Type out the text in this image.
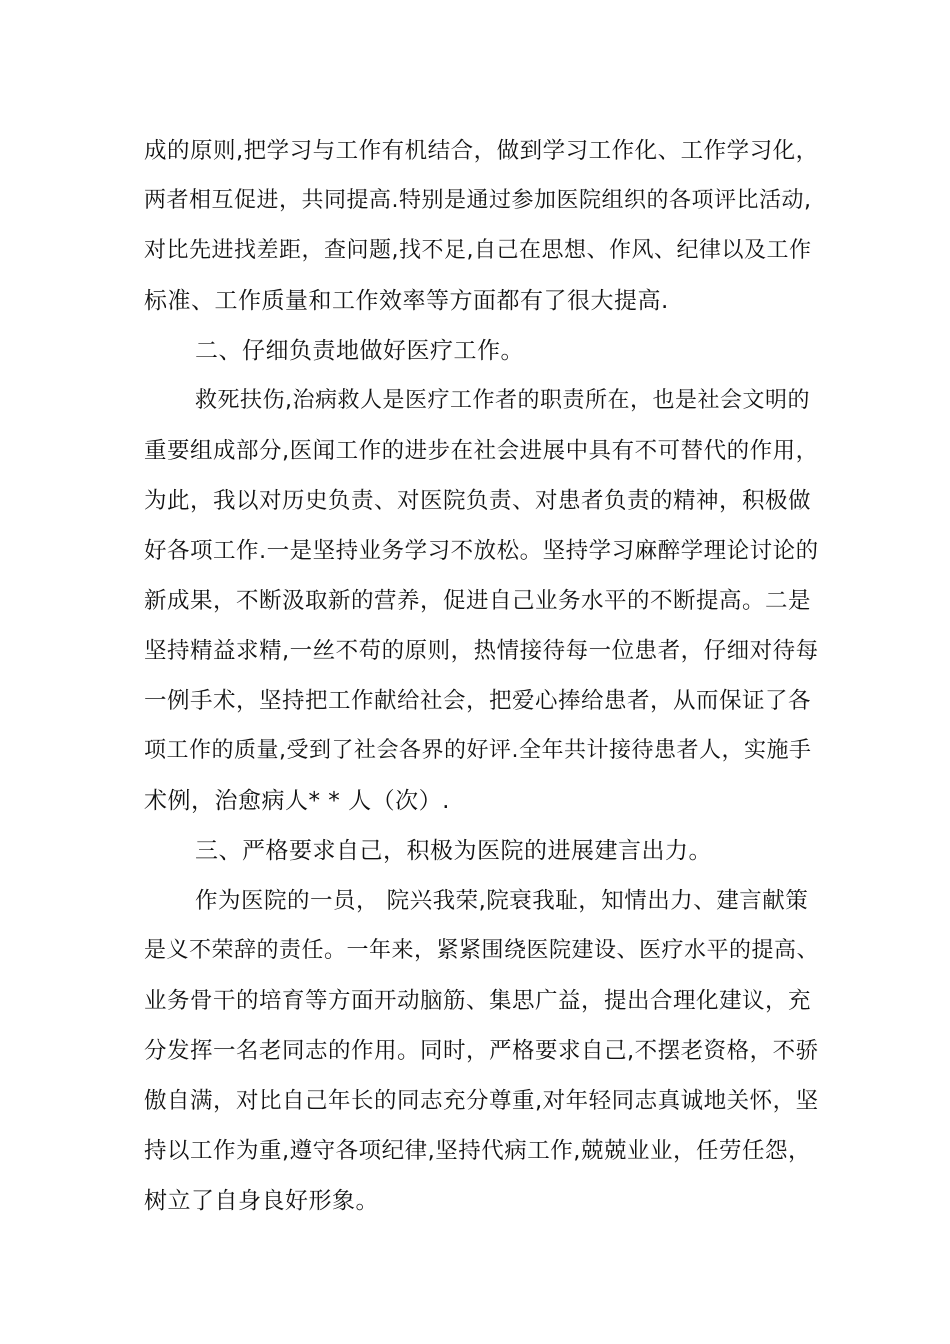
成的原则,把学习与工作有机结合，做到学习工作化、工作学习化，
两者相互促进，共同提高.特别是通过参加医院组织的各项评比活动,
对比先进找差距，查问题,找不足,自己在思想、作风、纪律以及工作
标准、工作质量和工作效率等方面都有了很大提高.
二、仔细负责地做好医疗工作。
救死扶伤,治病救人是医疗工作者的职责所在，也是社会文明的
重要组成部分,医闻工作的进步在社会进展中具有不可替代的作用，
为此，我以对历史负责、对医院负责、对患者负责的精神，积极做
好各项工作.一是坚持业务学习不放松。坚持学习麻醉学理论讨论的
新成果，不断汲取新的营养，促进自己业务水平的不断提高。二是
坚持精益求精,一丝不苟的原则，热情接待每一位患者，仔细对待每
一例手术，坚持把工作献给社会，把爱心捧给患者，从而保证了各
项工作的质量,受到了社会各界的好评.全年共计接待患者人，实施手
术例，治愈病人* * 人（次）.
三、严格要求自己，积极为医院的进展建言出力。
作为医院的一员， 院兴我荣,院衰我耻，知情出力、建言献策
是义不荣辞的责任。一年来，紧紧围绕医院建设、医疗水平的提高、
业务骨干的培育等方面开动脑筋、集思广益，提出合理化建议，充
分发挥一名老同志的作用。同时，严格要求自己,不摆老资格，不骄
傲自满，对比自己年长的同志充分尊重,对年轻同志真诚地关怀，坚
持以工作为重,遵守各项纪律,坚持代病工作,兢兢业业，任劳任怨，
树立了自身良好形象。
